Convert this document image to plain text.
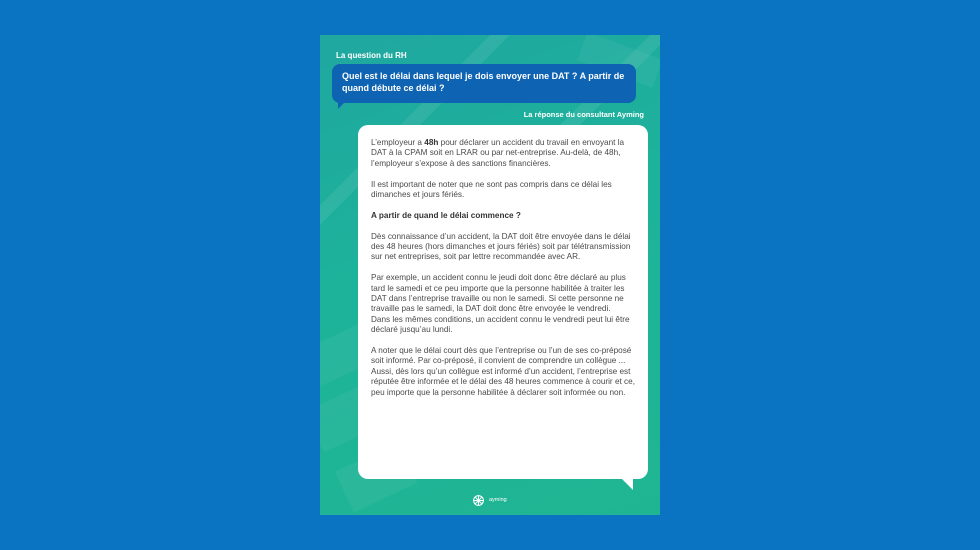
La question du RH
Quel est le délai dans lequel je dois envoyer une DAT ? A partir de quand débute ce délai ?
La réponse du consultant Ayming

L’employeur a 48h pour déclarer un accident du travail en envoyant la DAT à la CPAM soit en LRAR ou par net-entreprise. Au-delà, de 48h, l’employeur s’expose à des sanctions financières.

Il est important de noter que ne sont pas compris dans ce délai les dimanches et jours fériés.

A partir de quand le délai commence ?

Dès connaissance d’un accident, la DAT doit être envoyée dans le délai des 48 heures (hors dimanches et jours fériés) soit par télétransmission sur net entreprises, soit par lettre recommandée avec AR.

Par exemple, un accident connu le jeudi doit donc être déclaré au plus tard le samedi et ce peu importe que la personne habilitée à traiter les DAT dans l’entreprise travaille ou non le samedi. Si cette personne ne travaille pas le samedi, la DAT doit donc être envoyée le vendredi.

Dans les mêmes conditions, un accident connu le vendredi peut lui être déclaré jusqu’au lundi.

A noter que le délai court dès que l’entreprise ou l’un de ses co-préposé soit informé. Par co-préposé, il convient de comprendre un collègue ... Aussi, dès lors qu’un collègue est informé d’un accident, l’entreprise est réputée être informée et le délai des 48 heures commence à courir et ce, peu importe que la personne habilitée à déclarer soit informée ou non.

ayming
